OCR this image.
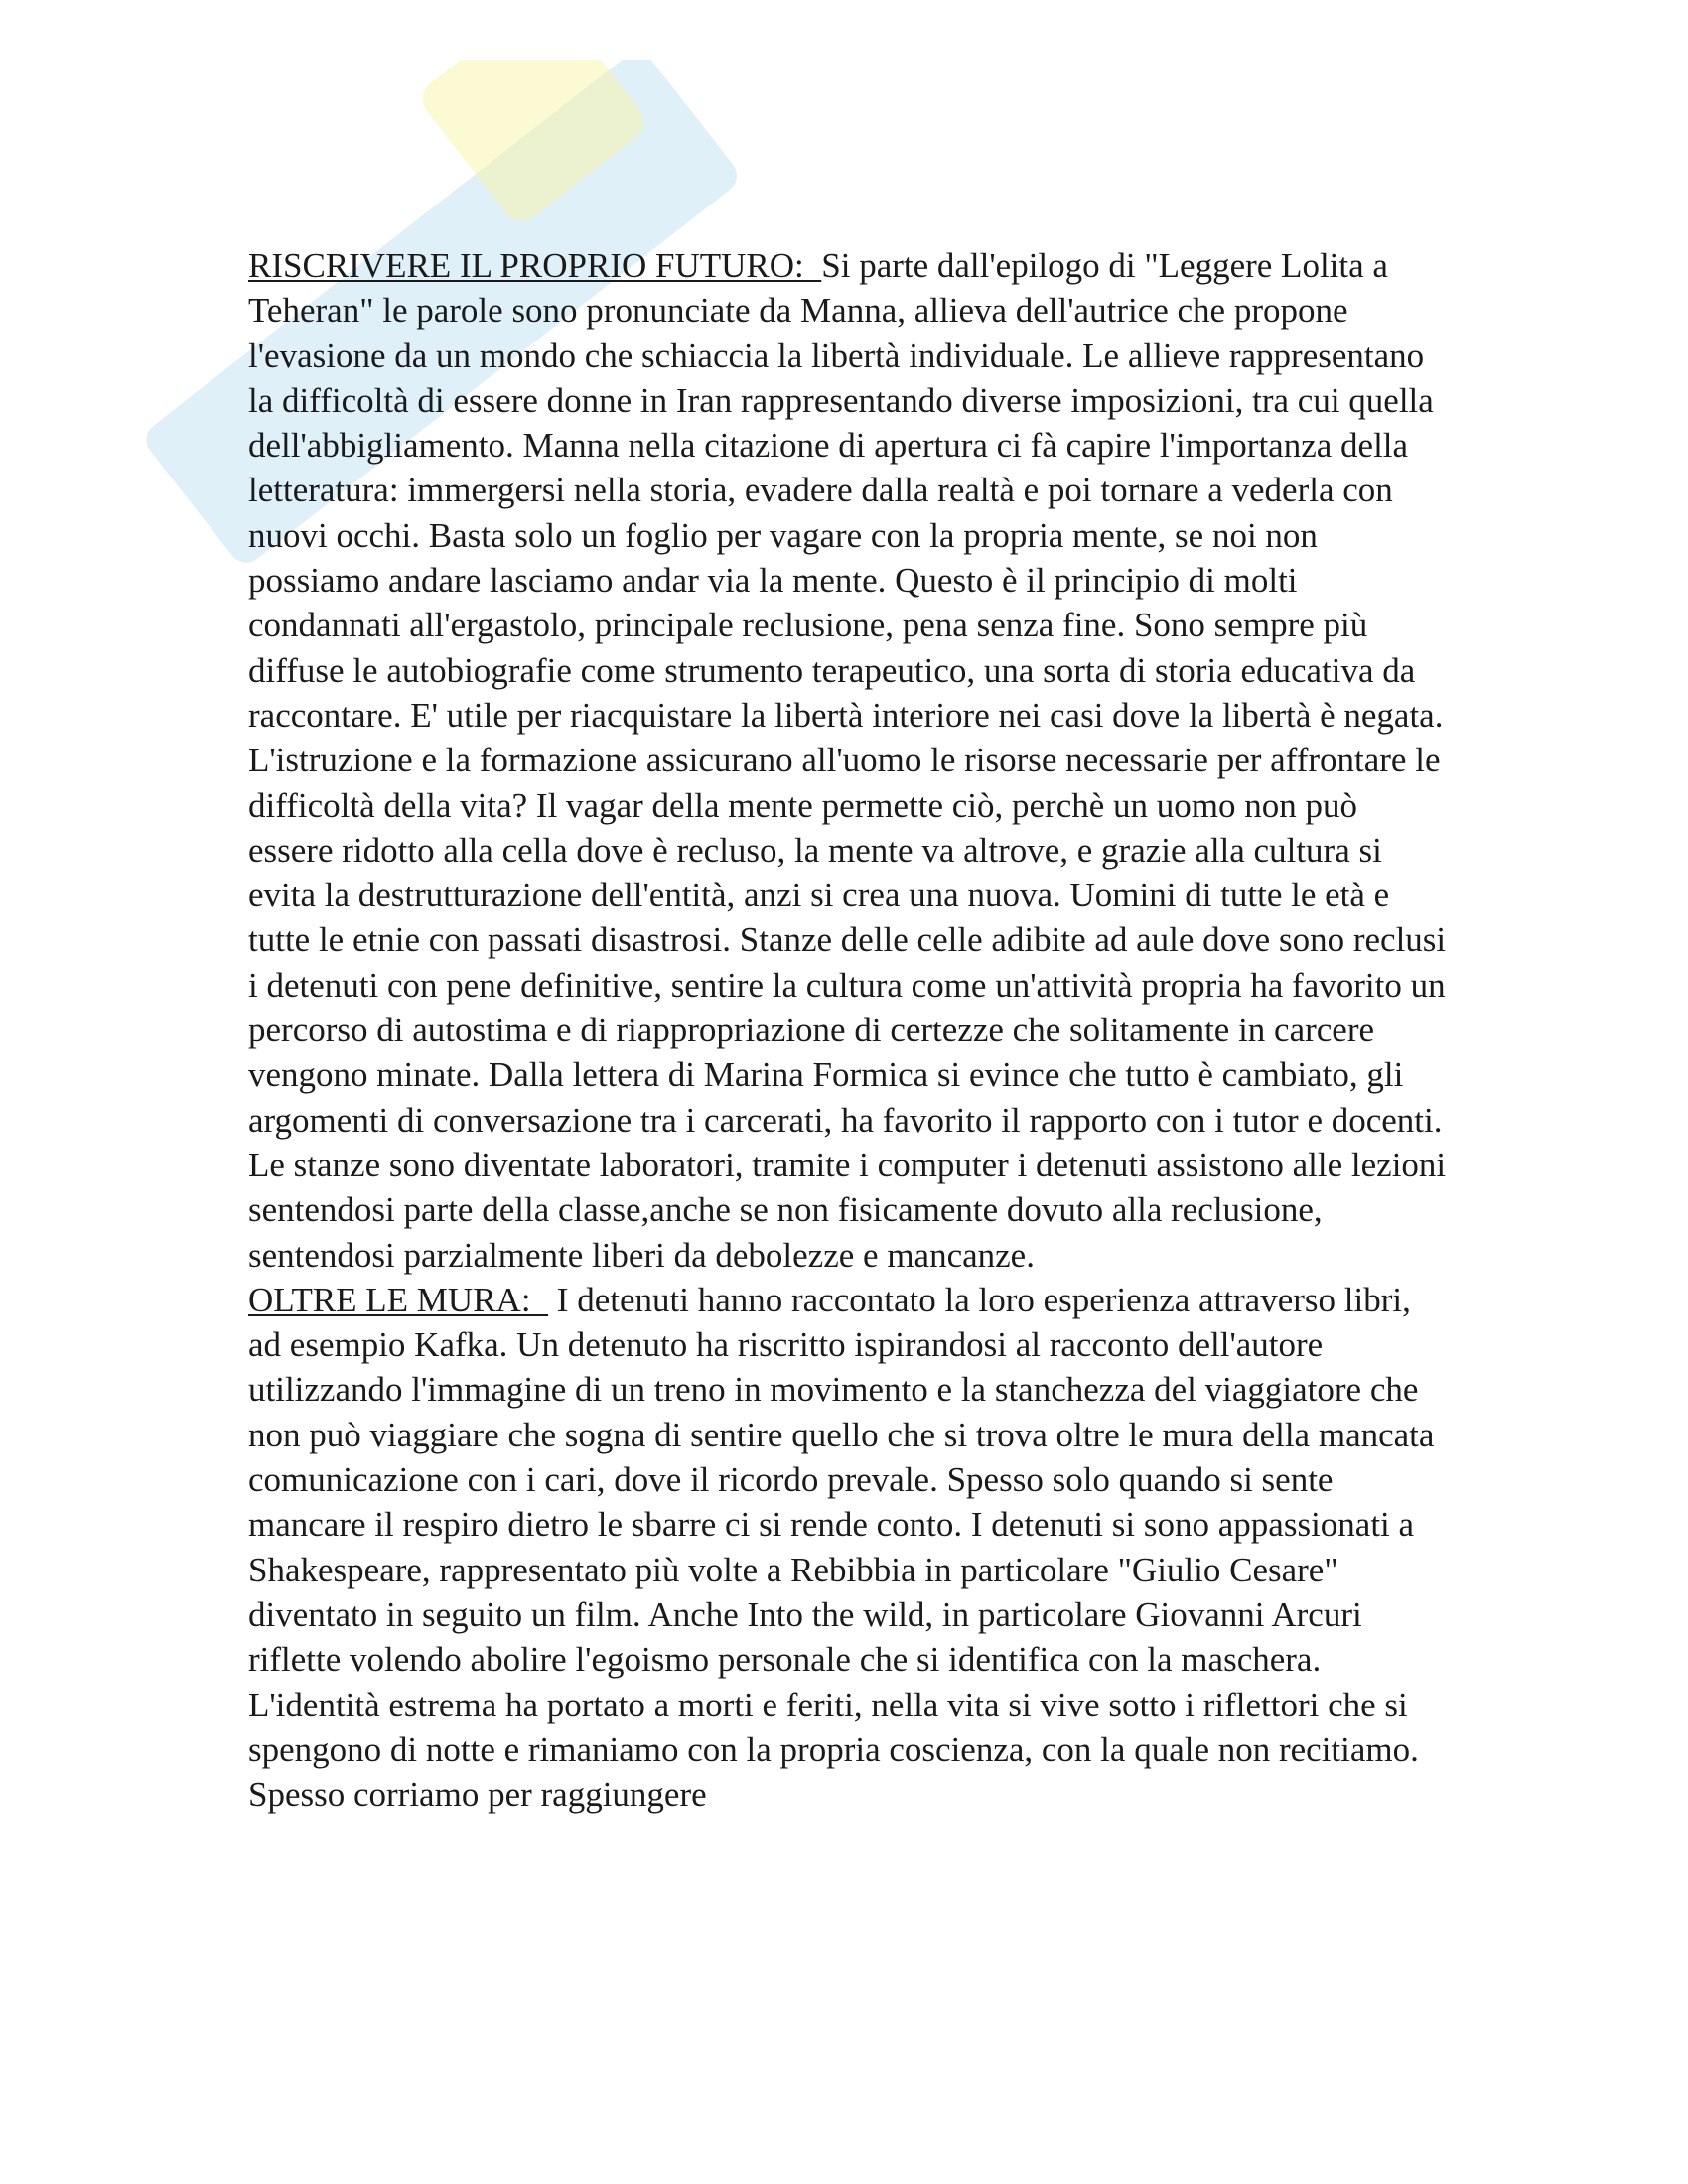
RISCRIVERE IL PROPRIO FUTURO:  Si parte dall'epilogo di "Leggere Lolita a Teheran" le parole sono pronunciate da Manna, allieva dell'autrice che propone l'evasione da un mondo che schiaccia la libertà individuale. Le allieve rappresentano la difficoltà di essere donne in Iran rappresentando diverse imposizioni, tra cui quella dell'abbigliamento. Manna nella citazione di apertura ci fà capire l'importanza della letteratura: immergersi nella storia, evadere dalla realtà e poi tornare a vederla con nuovi occhi. Basta solo un foglio per vagare con la propria mente, se noi non possiamo andare lasciamo andar via la mente. Questo è il principio di molti condannati all'ergastolo, principale reclusione, pena senza fine. Sono sempre più diffuse le autobiografie come strumento terapeutico, una sorta di storia educativa da raccontare. E' utile per riacquistare la libertà interiore nei casi dove la libertà è negata. L'istruzione e la formazione assicurano all'uomo le risorse necessarie per affrontare le difficoltà della vita? Il vagar della mente permette ciò, perchè un uomo non può essere ridotto alla cella dove è recluso, la mente va altrove, e grazie alla cultura si evita la destrutturazione dell'entità, anzi si crea una nuova. Uomini di tutte le età e tutte le etnie con passati disastrosi. Stanze delle celle adibite ad aule dove sono reclusi i detenuti con pene definitive, sentire la cultura come un'attività propria ha favorito un percorso di autostima e di riappropriazione di certezze che solitamente in carcere vengono minate. Dalla lettera di Marina Formica si evince che tutto è cambiato, gli argomenti di conversazione tra i carcerati, ha favorito il rapporto con i tutor e docenti. Le stanze sono diventate laboratori, tramite i computer i detenuti assistono alle lezioni sentendosi parte della classe,anche se non fisicamente dovuto alla reclusione, sentendosi parzialmente liberi da debolezze e mancanze.

OLTRE LE MURA:   I detenuti hanno raccontato la loro esperienza attraverso libri, ad esempio Kafka. Un detenuto ha riscritto ispirandosi al racconto dell'autore utilizzando l'immagine di un treno in movimento e la stanchezza del viaggiatore che non può viaggiare che sogna di sentire quello che si trova oltre le mura della mancata comunicazione con i cari, dove il ricordo prevale. Spesso solo quando si sente mancare il respiro dietro le sbarre ci si rende conto. I detenuti si sono appassionati a Shakespeare, rappresentato più volte a Rebibbia in particolare "Giulio Cesare" diventato in seguito un film. Anche Into the wild, in particolare Giovanni Arcuri riflette volendo abolire l'egoismo personale che si identifica con la maschera. L'identità estrema ha portato a morti e feriti, nella vita si vive sotto i riflettori che si spengono di notte e rimaniamo con la propria coscienza, con la quale non recitiamo. Spesso corriamo per raggiungere
